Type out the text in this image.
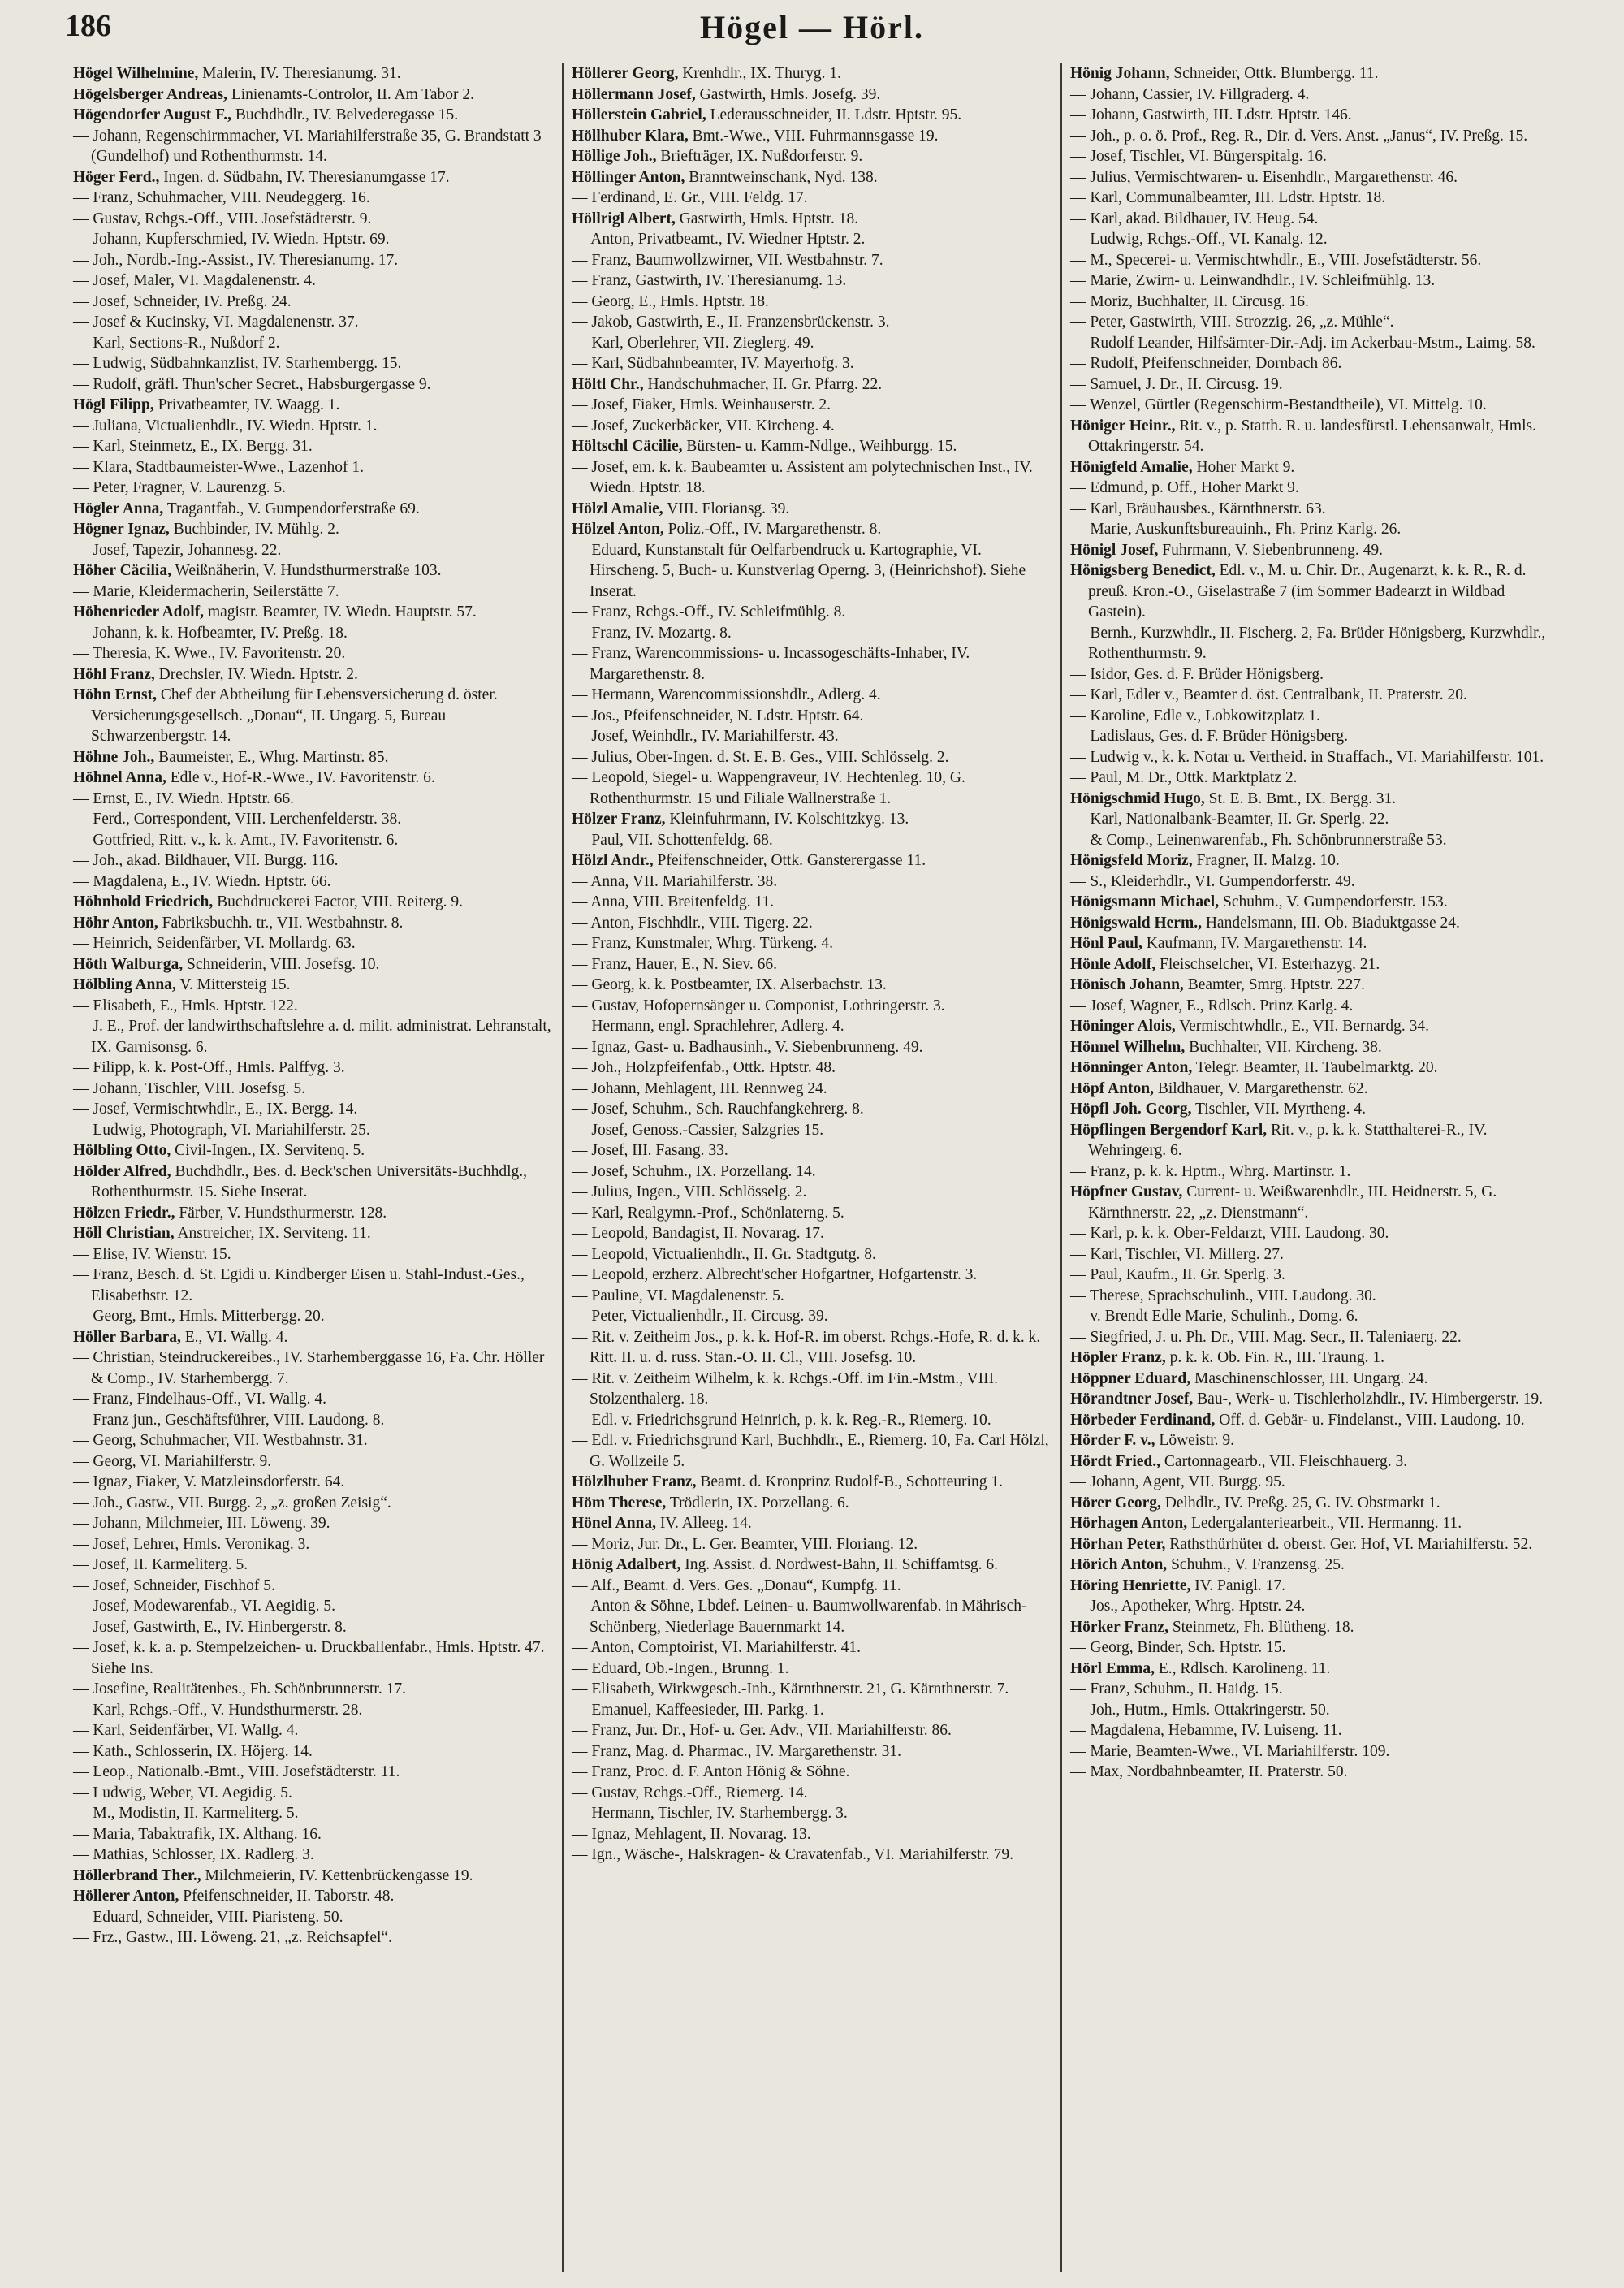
186	Högel — Hörl.

Högel Wilhelmine, Malerin, IV. Theresianumg. 31.

Högelsberger Andreas, Linienamts-Controlor, II. Am Tabor 2.

Högendorfer August F., Buchdhdlr., IV. Belvederegasse 15.

— Johann, Regenschirmmacher, VI. Mariahilferstraße 35, G. Brandstatt 3 (Gundelhof) und Rothenthurmstr. 14.

Höger Ferd., Ingen. d. Südbahn, IV. Theresianumgasse 17.

— Franz, Schuhmacher, VIII. Neudeggerg. 16.

— Gustav, Rchgs.-Off., VIII. Josefstädterstr. 9.

— Johann, Kupferschmied, IV. Wiedn. Hptstr. 69.

— Joh., Nordb.-Ing.-Assist., IV. Theresianumg. 17.

— Josef, Maler, VI. Magdalenenstr. 4.

— Josef, Schneider, IV. Preßg. 24.

— Josef & Kucinsky, VI. Magdalenenstr. 37.

— Karl, Sections-R., Nußdorf 2.

— Ludwig, Südbahnkanzlist, IV. Starhembergg. 15.

— Rudolf, gräfl. Thun'scher Secret., Habsburgergasse 9.

Högl Filipp, Privatbeamter, IV. Waagg. 1.

— Juliana, Victualienhdlr., IV. Wiedn. Hptstr. 1.

— Karl, Steinmetz, E., IX. Bergg. 31.

— Klara, Stadtbaumeister-Wwe., Lazenhof 1.

— Peter, Fragner, V. Laurenzg. 5.

Högler Anna, Tragantfab., V. Gumpendorferstraße 69.

Högner Ignaz, Buchbinder, IV. Mühlg. 2.

— Josef, Tapezir, Johannesg. 22.

Höher Cäcilia, Weißnäherin, V. Hundsthurmerstraße 103.

— Marie, Kleidermacherin, Seilerstätte 7.

Höhenrieder Adolf, magistr. Beamter, IV. Wiedn. Hauptstr. 57.

— Johann, k. k. Hofbeamter, IV. Preßg. 18.

— Theresia, K. Wwe., IV. Favoritenstr. 20.

Höhl Franz, Drechsler, IV. Wiedn. Hptstr. 2.

Höhn Ernst, Chef der Abtheilung für Lebensversicherung d. öster. Versicherungsgesellsch. „Donau“, II. Ungarg. 5, Bureau Schwarzenbergstr. 14.

Höhne Joh., Baumeister, E., Whrg. Martinstr. 85.

Höhnel Anna, Edle v., Hof-R.-Wwe., IV. Favoritenstr. 6.

— Ernst, E., IV. Wiedn. Hptstr. 66.

— Ferd., Correspondent, VIII. Lerchenfelderstr. 38.

— Gottfried, Ritt. v., k. k. Amt., IV. Favoritenstr. 6.

— Joh., akad. Bildhauer, VII. Burgg. 116.

— Magdalena, E., IV. Wiedn. Hptstr. 66.

Höhnhold Friedrich, Buchdruckerei Factor, VIII. Reiterg. 9.

Höhr Anton, Fabriksbuchh. tr., VII. Westbahnstr. 8.

— Heinrich, Seidenfärber, VI. Mollardg. 63.

Höth Walburga, Schneiderin, VIII. Josefsg. 10.

Hölbling Anna, V. Mittersteig 15.

— Elisabeth, E., Hmls. Hptstr. 122.

— J. E., Prof. der landwirthschaftslehre a. d. milit. administrat. Lehranstalt, IX. Garnisonsg. 6.

— Filipp, k. k. Post-Off., Hmls. Palffyg. 3.

— Johann, Tischler, VIII. Josefsg. 5.

— Josef, Vermischtwhdlr., E., IX. Bergg. 14.

— Ludwig, Photograph, VI. Mariahilferstr. 25.

Hölbling Otto, Civil-Ingen., IX. Servitenq. 5.

Hölder Alfred, Buchdhdlr., Bes. d. Beck'schen Universitäts-Buchhdlg., Rothenthurmstr. 15. Siehe Inserat.

Hölzen Friedr., Färber, V. Hundsthurmerstr. 128.

Höll Christian, Anstreicher, IX. Serviteng. 11.

— Elise, IV. Wienstr. 15.

— Franz, Besch. d. St. Egidi u. Kindberger Eisen u. Stahl-Indust.-Ges., Elisabethstr. 12.

— Georg, Bmt., Hmls. Mitterbergg. 20.

Höller Barbara, E., VI. Wallg. 4.

— Christian, Steindruckereibes., IV. Starhemberggasse 16, Fa. Chr. Höller & Comp., IV. Starhembergg. 7.

— Franz, Findelhaus-Off., VI. Wallg. 4.

— Franz jun., Geschäftsführer, VIII. Laudong. 8.

— Georg, Schuhmacher, VII. Westbahnstr. 31.

— Georg, VI. Mariahilferstr. 9.

— Ignaz, Fiaker, V. Matzleinsdorferstr. 64.

— Joh., Gastw., VII. Burgg. 2, „z. großen Zeisig“.

— Johann, Milchmeier, III. Löweng. 39.

— Josef, Lehrer, Hmls. Veronikag. 3.

— Josef, II. Karmeliterg. 5.

— Josef, Schneider, Fischhof 5.

— Josef, Modewarenfab., VI. Aegidig. 5.

— Josef, Gastwirth, E., IV. Hinbergerstr. 8.

— Josef, k. k. a. p. Stempelzeichen- u. Druckballenfabr., Hmls. Hptstr. 47. Siehe Ins.

— Josefine, Realitätenbes., Fh. Schönbrunnerstr. 17.

— Karl, Rchgs.-Off., V. Hundsthurmerstr. 28.

— Karl, Seidenfärber, VI. Wallg. 4.

— Kath., Schlosserin, IX. Höjerg. 14.

— Leop., Nationalb.-Bmt., VIII. Josefstädterstr. 11.

— Ludwig, Weber, VI. Aegidig. 5.

— M., Modistin, II. Karmeliterg. 5.

— Maria, Tabaktrafik, IX. Althang. 16.

— Mathias, Schlosser, IX. Radlerg. 3.

Höllerbrand Ther., Milchmeierin, IV. Kettenbrückengasse 19.

Höllerer Anton, Pfeifenschneider, II. Taborstr. 48.

— Eduard, Schneider, VIII. Piaristeng. 50.

— Frz., Gastw., III. Löweng. 21, „z. Reichsapfel“.

Höllerer Georg, Krenhdlr., IX. Thuryg. 1.

Höllermann Josef, Gastwirth, Hmls. Josefg. 39.

Höllerstein Gabriel, Lederausschneider, II. Ldstr. Hptstr. 95.

Höllhuber Klara, Bmt.-Wwe., VIII. Fuhrmannsgasse 19.

Höllige Joh., Briefträger, IX. Nußdorferstr. 9.

Höllinger Anton, Branntweinschank, Nyd. 138.

— Ferdinand, E. Gr., VIII. Feldg. 17.

Höllrigl Albert, Gastwirth, Hmls. Hptstr. 18.

— Anton, Privatbeamt., IV. Wiedner Hptstr. 2.

— Franz, Baumwollzwirner, VII. Westbahnstr. 7.

— Franz, Gastwirth, IV. Theresianumg. 13.

— Georg, E., Hmls. Hptstr. 18.

— Jakob, Gastwirth, E., II. Franzensbrückenstr. 3.

— Karl, Oberlehrer, VII. Zieglerg. 49.

— Karl, Südbahnbeamter, IV. Mayerhofg. 3.

Höltl Chr., Handschuhmacher, II. Gr. Pfarrg. 22.

— Josef, Fiaker, Hmls. Weinhauserstr. 2.

— Josef, Zuckerbäcker, VII. Kircheng. 4.

Höltschl Cäcilie, Bürsten- u. Kamm-Ndlge., Weihburgg. 15.

— Josef, em. k. k. Baubeamter u. Assistent am polytechnischen Inst., IV. Wiedn. Hptstr. 18.

Hölzl Amalie, VIII. Floriansg. 39.

Hölzel Anton, Poliz.-Off., IV. Margarethenstr. 8.

— Eduard, Kunstanstalt für Oelfarbendruck u. Kartographie, VI. Hirscheng. 5, Buch- u. Kunstverlag Operng. 3, (Heinrichshof). Siehe Inserat.

— Franz, Rchgs.-Off., IV. Schleifmühlg. 8.

— Franz, IV. Mozartg. 8.

— Franz, Warencommissions- u. Incassogeschäfts-Inhaber, IV. Margarethenstr. 8.

— Hermann, Warencommissionshdlr., Adlerg. 4.

— Jos., Pfeifenschneider, N. Ldstr. Hptstr. 64.

— Josef, Weinhdlr., IV. Mariahilferstr. 43.

— Julius, Ober-Ingen. d. St. E. B. Ges., VIII. Schlösselg. 2.

— Leopold, Siegel- u. Wappengraveur, IV. Hechtenleg. 10, G. Rothenthurmstr. 15 und Filiale Wallnerstraße 1.

Hölzer Franz, Kleinfuhrmann, IV. Kolschitzkyg. 13.

— Paul, VII. Schottenfeldg. 68.

Hölzl Andr., Pfeifenschneider, Ottk. Gansterergasse 11.

— Anna, VII. Mariahilferstr. 38.

— Anna, VIII. Breitenfeldg. 11.

— Anton, Fischhdlr., VIII. Tigerg. 22.

— Franz, Kunstmaler, Whrg. Türkeng. 4.

— Franz, Hauer, E., N. Siev. 66.

— Georg, k. k. Postbeamter, IX. Alserbachstr. 13.

— Gustav, Hofopernsänger u. Componist, Lothringerstr. 3.

— Hermann, engl. Sprachlehrer, Adlerg. 4.

— Ignaz, Gast- u. Badhausinh., V. Siebenbrunneng. 49.

— Joh., Holzpfeifenfab., Ottk. Hptstr. 48.

— Johann, Mehlagent, III. Rennweg 24.

— Josef, Schuhm., Sch. Rauchfangkehrerg. 8.

— Josef, Genoss.-Cassier, Salzgries 15.

— Josef, III. Fasang. 33.

— Josef, Schuhm., IX. Porzellang. 14.

— Julius, Ingen., VIII. Schlösselg. 2.

— Karl, Realgymn.-Prof., Schönlaterng. 5.

— Leopold, Bandagist, II. Novarag. 17.

— Leopold, Victualienhdlr., II. Gr. Stadtgutg. 8.

— Leopold, erzherz. Albrecht'scher Hofgartner, Hofgartenstr. 3.

— Pauline, VI. Magdalenenstr. 5.

— Peter, Victualienhdlr., II. Circusg. 39.

— Rit. v. Zeitheim Jos., p. k. k. Hof-R. im oberst. Rchgs.-Hofe, R. d. k. k. Ritt. II. u. d. russ. Stan.-O. II. Cl., VIII. Josefsg. 10.

— Rit. v. Zeitheim Wilhelm, k. k. Rchgs.-Off. im Fin.-Mstm., VIII. Stolzenthalerg. 18.

— Edl. v. Friedrichsgrund Heinrich, p. k. k. Reg.-R., Riemerg. 10.

— Edl. v. Friedrichsgrund Karl, Buchhdlr., E., Riemerg. 10, Fa. Carl Hölzl, G. Wollzeile 5.

Hölzlhuber Franz, Beamt. d. Kronprinz Rudolf-B., Schotteuring 1.

Höm Therese, Trödlerin, IX. Porzellang. 6.

Hönel Anna, IV. Alleeg. 14.

— Moriz, Jur. Dr., L. Ger. Beamter, VIII. Floriang. 12.

Hönig Adalbert, Ing. Assist. d. Nordwest-Bahn, II. Schiffamtsg. 6.

— Alf., Beamt. d. Vers. Ges. „Donau“, Kumpfg. 11.

— Anton & Söhne, Lbdef. Leinen- u. Baumwollwarenfab. in Mährisch-Schönberg, Niederlage Bauernmarkt 14.

— Anton, Comptoirist, VI. Mariahilferstr. 41.

— Eduard, Ob.-Ingen., Brunng. 1.

— Elisabeth, Wirkwgesch.-Inh., Kärnthnerstr. 21, G. Kärnthnerstr. 7.

— Emanuel, Kaffeesieder, III. Parkg. 1.

— Franz, Jur. Dr., Hof- u. Ger. Adv., VII. Mariahilferstr. 86.

— Franz, Mag. d. Pharmac., IV. Margarethenstr. 31.

— Franz, Proc. d. F. Anton Hönig & Söhne.

— Gustav, Rchgs.-Off., Riemerg. 14.

— Hermann, Tischler, IV. Starhembergg. 3.

— Ignaz, Mehlagent, II. Novarag. 13.

— Ign., Wäsche-, Halskragen- & Cravatenfab., VI. Mariahilferstr. 79.

Hönig Johann, Schneider, Ottk. Blumbergg. 11.

— Johann, Cassier, IV. Fillgraderg. 4.

— Johann, Gastwirth, III. Ldstr. Hptstr. 146.

— Joh., p. o. ö. Prof., Reg. R., Dir. d. Vers. Anst. „Janus“, IV. Preßg. 15.

— Josef, Tischler, VI. Bürgerspitalg. 16.

— Julius, Vermischtwaren- u. Eisenhdlr., Margarethenstr. 46.

— Karl, Communalbeamter, III. Ldstr. Hptstr. 18.

— Karl, akad. Bildhauer, IV. Heug. 54.

— Ludwig, Rchgs.-Off., VI. Kanalg. 12.

— M., Specerei- u. Vermischtwhdlr., E., VIII. Josefstädterstr. 56.

— Marie, Zwirn- u. Leinwandhdlr., IV. Schleifmühlg. 13.

— Moriz, Buchhalter, II. Circusg. 16.

— Peter, Gastwirth, VIII. Strozzig. 26, „z. Mühle“.

— Rudolf Leander, Hilfsämter-Dir.-Adj. im Ackerbau-Mstm., Laimg. 58.

— Rudolf, Pfeifenschneider, Dornbach 86.

— Samuel, J. Dr., II. Circusg. 19.

— Wenzel, Gürtler (Regenschirm-Bestandtheile), VI. Mittelg. 10.

Höniger Heinr., Rit. v., p. Statth. R. u. landesfürstl. Lehensanwalt, Hmls. Ottakringerstr. 54.

Hönigfeld Amalie, Hoher Markt 9.

— Edmund, p. Off., Hoher Markt 9.

— Karl, Bräuhausbes., Kärnthnerstr. 63.

— Marie, Auskunftsbureauinh., Fh. Prinz Karlg. 26.

Hönigl Josef, Fuhrmann, V. Siebenbrunneng. 49.

Hönigsberg Benedict, Edl. v., M. u. Chir. Dr., Augenarzt, k. k. R., R. d. preuß. Kron.-O., Giselastraße 7 (im Sommer Badearzt in Wildbad Gastein).

— Bernh., Kurzwhdlr., II. Fischerg. 2, Fa. Brüder Hönigsberg, Kurzwhdlr., Rothenthurmstr. 9.

— Isidor, Ges. d. F. Brüder Hönigsberg.

— Karl, Edler v., Beamter d. öst. Centralbank, II. Praterstr. 20.

— Karoline, Edle v., Lobkowitzplatz 1.

— Ladislaus, Ges. d. F. Brüder Hönigsberg.

— Ludwig v., k. k. Notar u. Vertheid. in Straffach., VI. Mariahilferstr. 101.

— Paul, M. Dr., Ottk. Marktplatz 2.

Hönigschmid Hugo, St. E. B. Bmt., IX. Bergg. 31.

— Karl, Nationalbank-Beamter, II. Gr. Sperlg. 22.

— & Comp., Leinenwarenfab., Fh. Schönbrunnerstraße 53.

Hönigsfeld Moriz, Fragner, II. Malzg. 10.

— S., Kleiderhdlr., VI. Gumpendorferstr. 49.

Hönigsmann Michael, Schuhm., V. Gumpendorferstr. 153.

Hönigswald Herm., Handelsmann, III. Ob. Biaduktgasse 24.

Hönl Paul, Kaufmann, IV. Margarethenstr. 14.

Hönle Adolf, Fleischselcher, VI. Esterhazyg. 21.

Hönisch Johann, Beamter, Smrg. Hptstr. 227.

— Josef, Wagner, E., Rdlsch. Prinz Karlg. 4.

Höninger Alois, Vermischtwhdlr., E., VII. Bernardg. 34.

Hönnel Wilhelm, Buchhalter, VII. Kircheng. 38.

Hönninger Anton, Telegr. Beamter, II. Taubelmarktg. 20.

Höpf Anton, Bildhauer, V. Margarethenstr. 62.

Höpfl Joh. Georg, Tischler, VII. Myrtheng. 4.

Höpflingen Bergendorf Karl, Rit. v., p. k. k. Statthalterei-R., IV. Wehringerg. 6.

— Franz, p. k. k. Hptm., Whrg. Martinstr. 1.

Höpfner Gustav, Current- u. Weißwarenhdlr., III. Heidnerstr. 5, G. Kärnthnerstr. 22, „z. Dienstmann“.

— Karl, p. k. k. Ober-Feldarzt, VIII. Laudong. 30.

— Karl, Tischler, VI. Millerg. 27.

— Paul, Kaufm., II. Gr. Sperlg. 3.

— Therese, Sprachschulinh., VIII. Laudong. 30.

— v. Brendt Edle Marie, Schulinh., Domg. 6.

— Siegfried, J. u. Ph. Dr., VIII. Mag. Secr., II. Taleniaerg. 22.

Höpler Franz, p. k. k. Ob. Fin. R., III. Traung. 1.

Höppner Eduard, Maschinenschlosser, III. Ungarg. 24.

Hörandtner Josef, Bau-, Werk- u. Tischlerholzhdlr., IV. Himbergerstr. 19.

Hörbeder Ferdinand, Off. d. Gebär- u. Findelanst., VIII. Laudong. 10.

Hörder F. v., Löweistr. 9.

Hördt Fried., Cartonnagearb., VII. Fleischhauerg. 3.

— Johann, Agent, VII. Burgg. 95.

Hörer Georg, Delhdlr., IV. Preßg. 25, G. IV. Obstmarkt 1.

Hörhagen Anton, Ledergalanteriearbeit., VII. Hermanng. 11.

Hörhan Peter, Rathsthürhüter d. oberst. Ger. Hof, VI. Mariahilferstr. 52.

Hörich Anton, Schuhm., V. Franzensg. 25.

Höring Henriette, IV. Panigl. 17.

— Jos., Apotheker, Whrg. Hptstr. 24.

Hörker Franz, Steinmetz, Fh. Blütheng. 18.

— Georg, Binder, Sch. Hptstr. 15.

Hörl Emma, E., Rdlsch. Karolineng. 11.

— Franz, Schuhm., II. Haidg. 15.

— Joh., Hutm., Hmls. Ottakringerstr. 50.

— Magdalena, Hebamme, IV. Luiseng. 11.

— Marie, Beamten-Wwe., VI. Mariahilferstr. 109.

— Max, Nordbahnbeamter, II. Praterstr. 50.
